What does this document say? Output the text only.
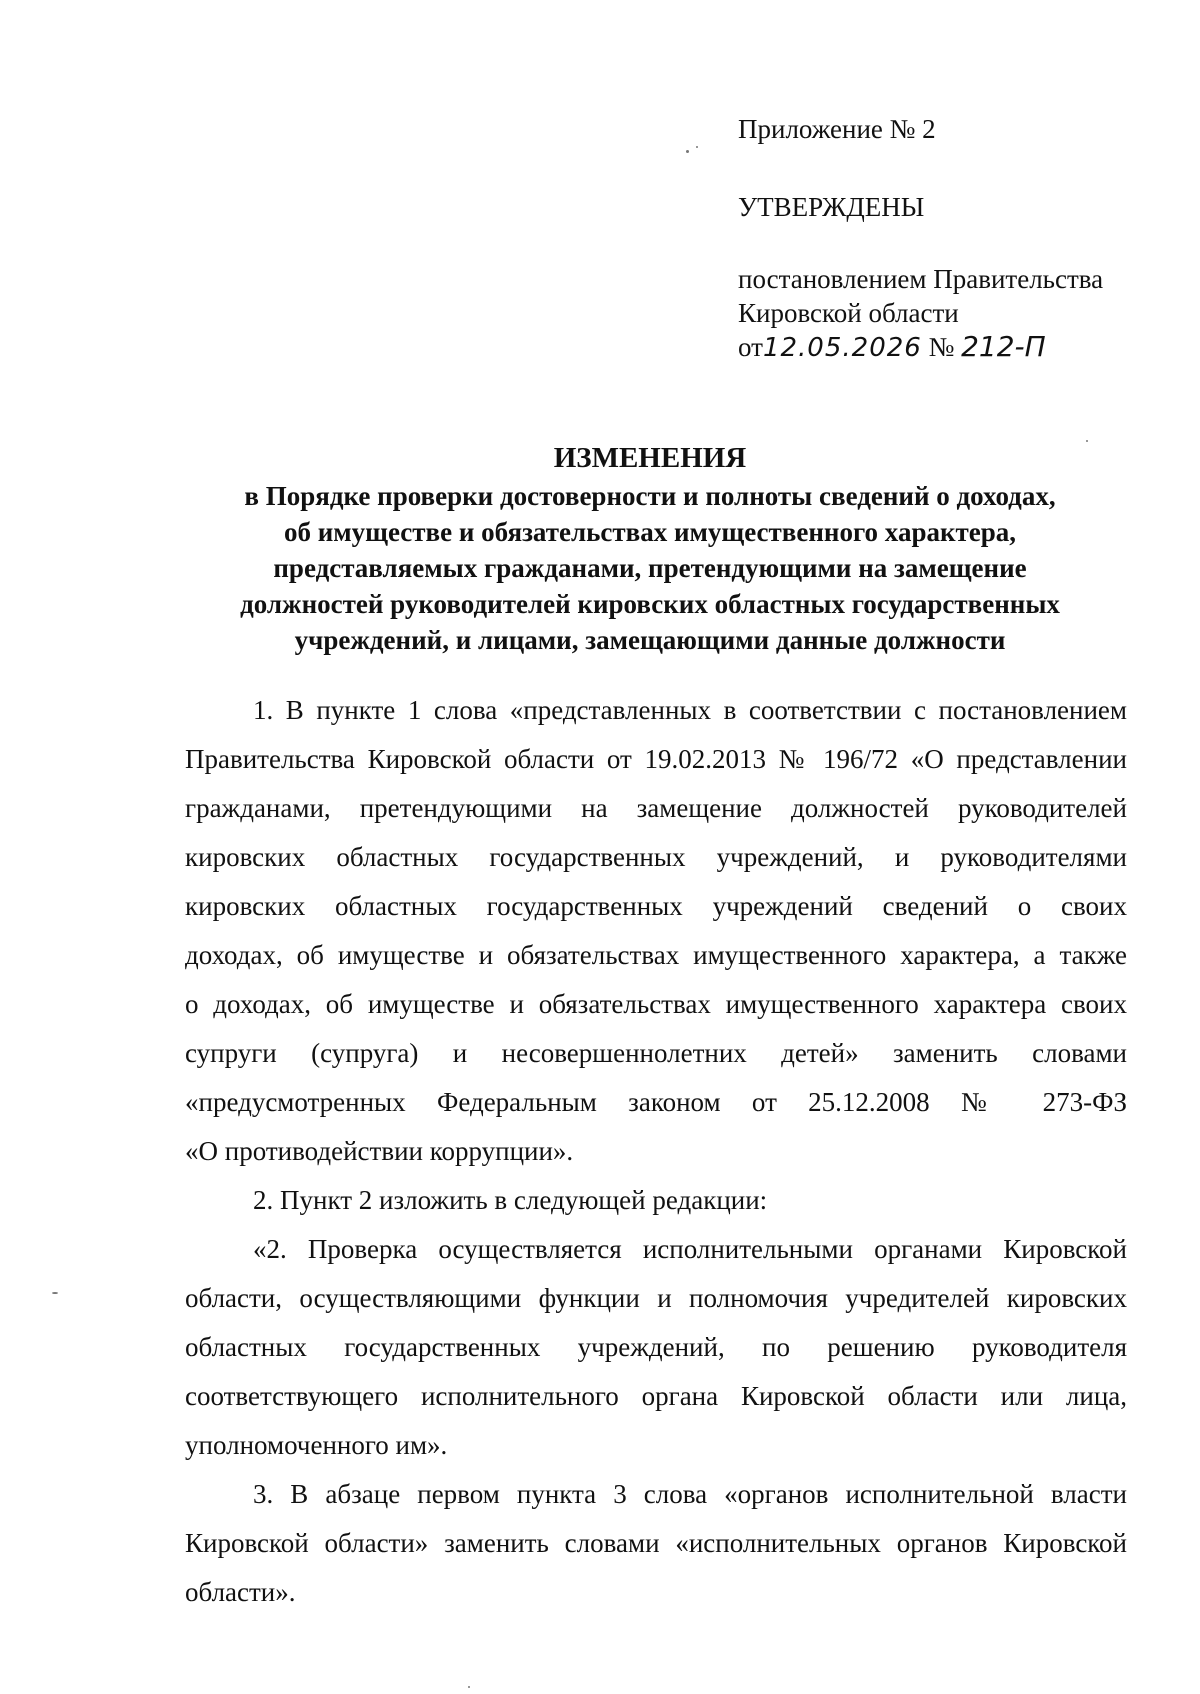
Приложение № 2
УТВЕРЖДЕНЫ
постановлением Правительства
Кировской области
от12.05.2026 № 212-П
ИЗМЕНЕНИЯ
в Порядке проверки достоверности и полноты сведений о доходах,
об имуществе и обязательствах имущественного характера,
представляемых гражданами, претендующими на замещение
должностей руководителей кировских областных государственных
учреждений, и лицами, замещающими данные должности
1. В пункте 1 слова «представленных в соответствии с постановлением
Правительства Кировской области от 19.02.2013 № 196/72 «О представлении
гражданами, претендующими на замещение должностей руководителей
кировских областных государственных учреждений, и руководителями
кировских областных государственных учреждений сведений о своих
доходах, об имуществе и обязательствах имущественного характера, а также
о доходах, об имуществе и обязательствах имущественного характера своих
супруги (супруга) и несовершеннолетних детей» заменить словами
«предусмотренных Федеральным законом от 25.12.2008 № 273-ФЗ
«О противодействии коррупции».
2. Пункт 2 изложить в следующей редакции:
«2. Проверка осуществляется исполнительными органами Кировской
области, осуществляющими функции и полномочия учредителей кировских
областных государственных учреждений, по решению руководителя
соответствующего исполнительного органа Кировской области или лица,
уполномоченного им».
3. В абзаце первом пункта 3 слова «органов исполнительной власти
Кировской области» заменить словами «исполнительных органов Кировской
области».
